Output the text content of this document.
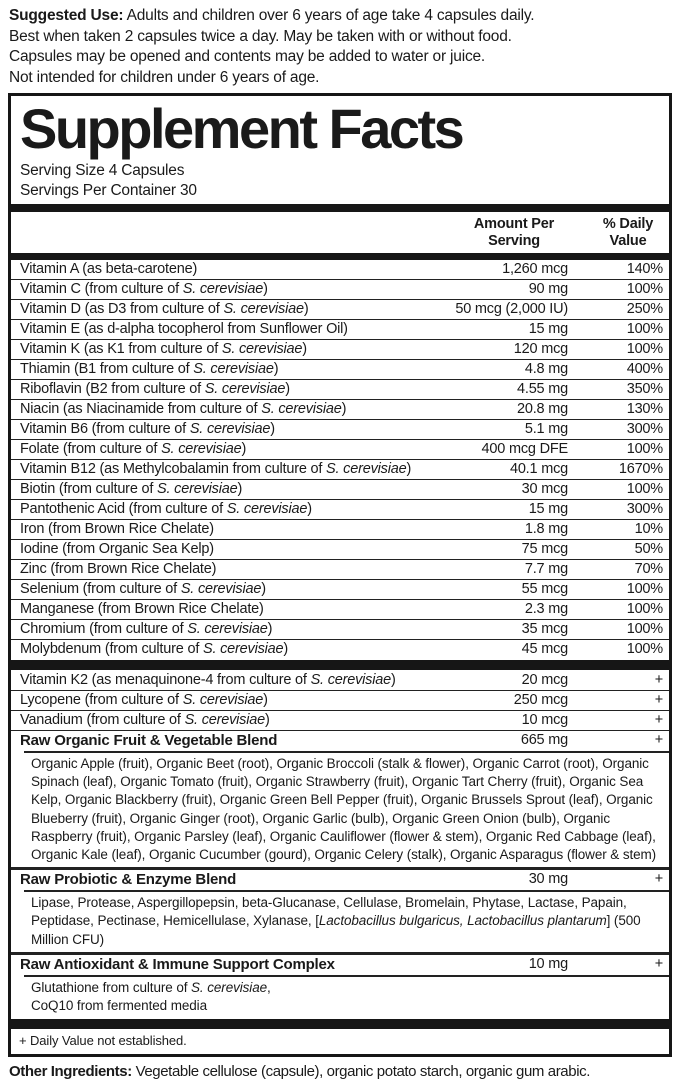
Suggested Use: Adults and children over 6 years of age take 4 capsules daily.
Best when taken 2 capsules twice a day. May be taken with or without food.
Capsules may be opened and contents may be added to water or juice.
Not intended for children under 6 years of age.
Supplement Facts
Serving Size 4 Capsules
Servings Per Container 30
Amount Per
Serving
% Daily
Value
Vitamin A (as beta-carotene)	1,260 mcg	140%
Vitamin C (from culture of S. cerevisiae)	90 mg	100%
Vitamin D (as D3 from culture of S. cerevisiae)	50 mcg (2,000 IU)	250%
Vitamin E (as d-alpha tocopherol from Sunflower Oil)	15 mg	100%
Vitamin K (as K1 from culture of S. cerevisiae)	120 mcg	100%
Thiamin (B1 from culture of S. cerevisiae)	4.8 mg	400%
Riboflavin (B2 from culture of S. cerevisiae)	4.55 mg	350%
Niacin (as Niacinamide from culture of S. cerevisiae)	20.8 mg	130%
Vitamin B6 (from culture of S. cerevisiae)	5.1 mg	300%
Folate (from culture of S. cerevisiae)	400 mcg DFE	100%
Vitamin B12 (as Methylcobalamin from culture of S. cerevisiae)	40.1 mcg	1670%
Biotin (from culture of S. cerevisiae)	30 mcg	100%
Pantothenic Acid (from culture of S. cerevisiae)	15 mg	300%
Iron (from Brown Rice Chelate)	1.8 mg	10%
Iodine (from Organic Sea Kelp)	75 mcg	50%
Zinc (from Brown Rice Chelate)	7.7 mg	70%
Selenium (from culture of S. cerevisiae)	55 mcg	100%
Manganese (from Brown Rice Chelate)	2.3 mg	100%
Chromium (from culture of S. cerevisiae)	35 mcg	100%
Molybdenum (from culture of S. cerevisiae)	45 mcg	100%
Vitamin K2 (as menaquinone-4 from culture of S. cerevisiae)	20 mcg	+
Lycopene (from culture of S. cerevisiae)	250 mcg	+
Vanadium (from culture of S. cerevisiae)	10 mcg	+
Raw Organic Fruit & Vegetable Blend	665 mg	+
Organic Apple (fruit), Organic Beet (root), Organic Broccoli (stalk & flower), Organic Carrot (root), Organic Spinach (leaf), Organic Tomato (fruit), Organic Strawberry (fruit), Organic Tart Cherry (fruit), Organic Sea Kelp, Organic Blackberry (fruit), Organic Green Bell Pepper (fruit), Organic Brussels Sprout (leaf), Organic Blueberry (fruit), Organic Ginger (root), Organic Garlic (bulb), Organic Green Onion (bulb), Organic Raspberry (fruit), Organic Parsley (leaf), Organic Cauliflower (flower & stem), Organic Red Cabbage (leaf), Organic Kale (leaf), Organic Cucumber (gourd), Organic Celery (stalk), Organic Asparagus (flower & stem)
Raw Probiotic & Enzyme Blend	30 mg	+
Lipase, Protease, Aspergillopepsin, beta-Glucanase, Cellulase, Bromelain, Phytase, Lactase, Papain, Peptidase, Pectinase, Hemicellulase, Xylanase, [Lactobacillus bulgaricus, Lactobacillus plantarum] (500 Million CFU)
Raw Antioxidant & Immune Support Complex	10 mg	+
Glutathione from culture of S. cerevisiae,
CoQ10 from fermented media
+ Daily Value not established.
Other Ingredients: Vegetable cellulose (capsule), organic potato starch, organic gum arabic.
